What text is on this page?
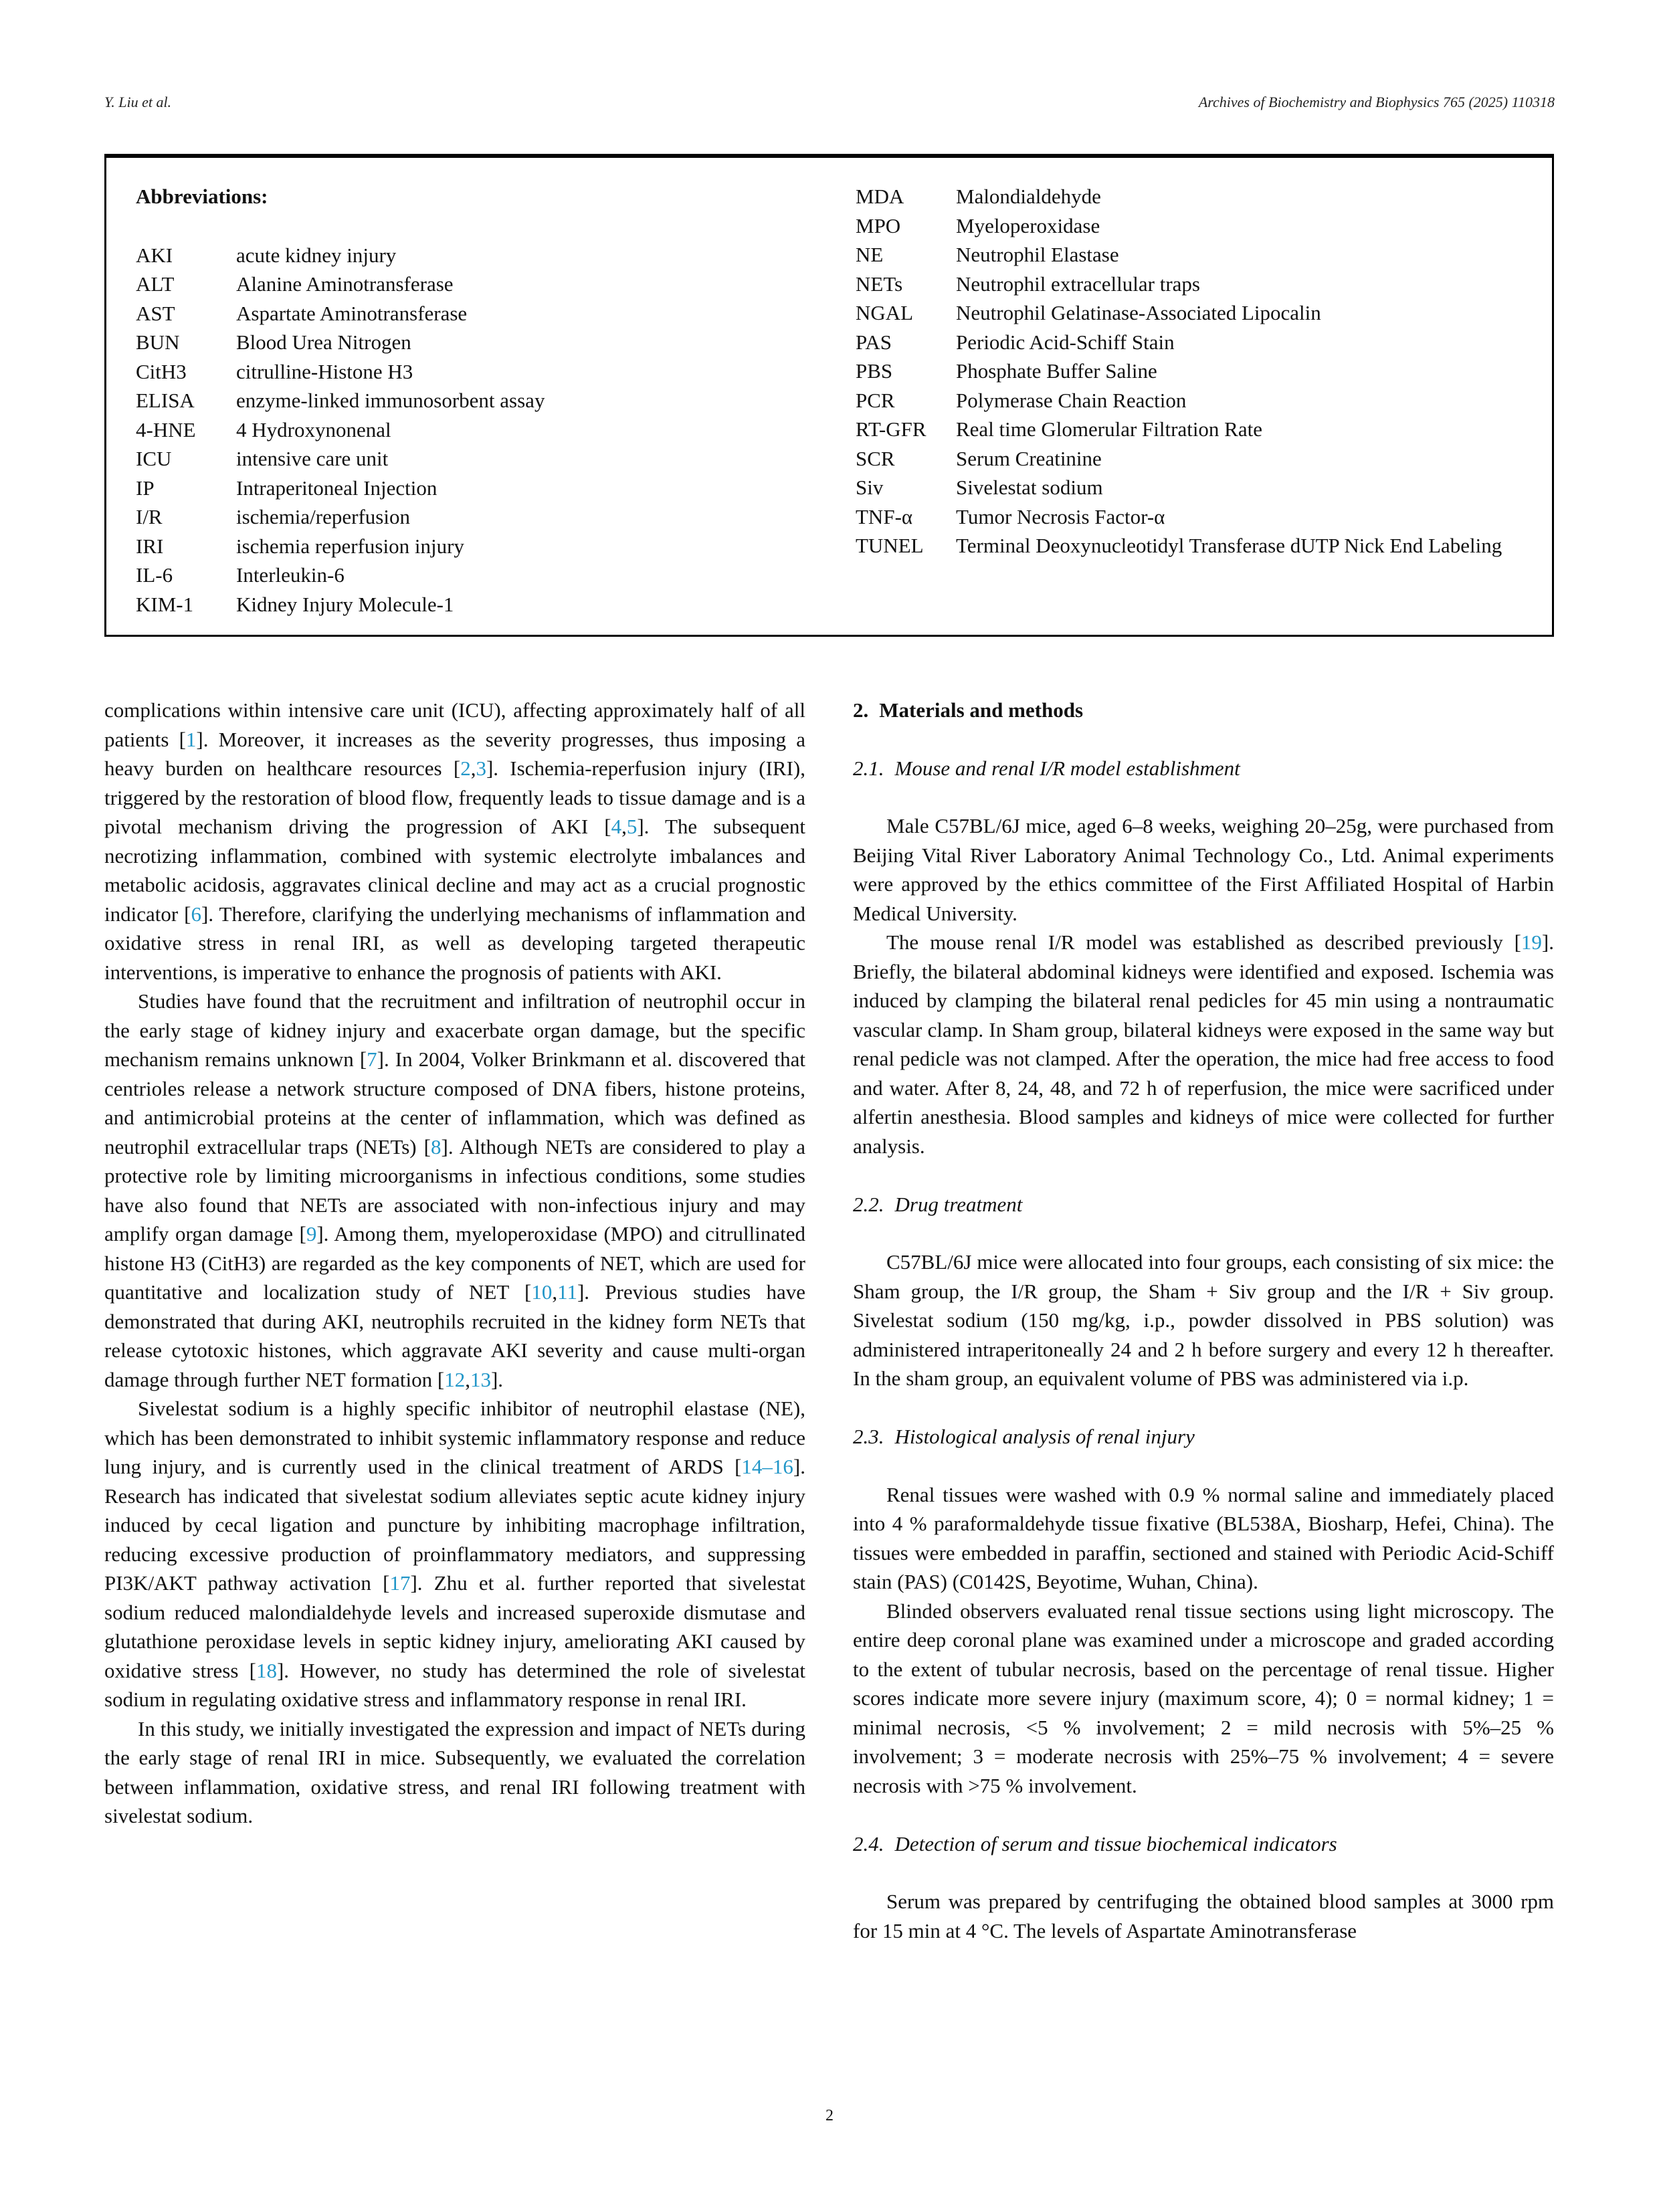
Y. Liu et al.	Archives of Biochemistry and Biophysics 765 (2025) 110318
Abbreviations:
AKI	acute kidney injury
ALT	Alanine Aminotransferase
AST	Aspartate Aminotransferase
BUN	Blood Urea Nitrogen
CitH3	citrulline-Histone H3
ELISA	enzyme-linked immunosorbent assay
4-HNE	4 Hydroxynonenal
ICU	intensive care unit
IP	Intraperitoneal Injection
I/R	ischemia/reperfusion
IRI	ischemia reperfusion injury
IL-6	Interleukin-6
KIM-1	Kidney Injury Molecule-1
MDA	Malondialdehyde
MPO	Myeloperoxidase
NE	Neutrophil Elastase
NETs	Neutrophil extracellular traps
NGAL	Neutrophil Gelatinase-Associated Lipocalin
PAS	Periodic Acid-Schiff Stain
PBS	Phosphate Buffer Saline
PCR	Polymerase Chain Reaction
RT-GFR	Real time Glomerular Filtration Rate
SCR	Serum Creatinine
Siv	Sivelestat sodium
TNF-α	Tumor Necrosis Factor-α
TUNEL	Terminal Deoxynucleotidyl Transferase dUTP Nick End Labeling

complications within intensive care unit (ICU), affecting approximately half of all patients [1]. Moreover, it increases as the severity progresses, thus imposing a heavy burden on healthcare resources [2,3]. Ischemia-reperfusion injury (IRI), triggered by the restoration of blood flow, frequently leads to tissue damage and is a pivotal mechanism driving the progression of AKI [4,5]. The subsequent necrotizing inflammation, combined with systemic electrolyte imbalances and metabolic acidosis, aggravates clinical decline and may act as a crucial prognostic indicator [6]. Therefore, clarifying the underlying mechanisms of inflammation and oxidative stress in renal IRI, as well as developing targeted therapeutic interventions, is imperative to enhance the prognosis of patients with AKI.

Studies have found that the recruitment and infiltration of neutrophil occur in the early stage of kidney injury and exacerbate organ damage, but the specific mechanism remains unknown [7]. In 2004, Volker Brinkmann et al. discovered that centrioles release a network structure composed of DNA fibers, histone proteins, and antimicrobial proteins at the center of inflammation, which was defined as neutrophil extracellular traps (NETs) [8]. Although NETs are considered to play a protective role by limiting microorganisms in infectious conditions, some studies have also found that NETs are associated with non-infectious injury and may amplify organ damage [9]. Among them, myeloperoxidase (MPO) and citrullinated histone H3 (CitH3) are regarded as the key components of NET, which are used for quantitative and localization study of NET [10,11]. Previous studies have demonstrated that during AKI, neutrophils recruited in the kidney form NETs that release cytotoxic histones, which aggravate AKI severity and cause multi-organ damage through further NET formation [12,13].

Sivelestat sodium is a highly specific inhibitor of neutrophil elastase (NE), which has been demonstrated to inhibit systemic inflammatory response and reduce lung injury, and is currently used in the clinical treatment of ARDS [14–16]. Research has indicated that sivelestat sodium alleviates septic acute kidney injury induced by cecal ligation and puncture by inhibiting macrophage infiltration, reducing excessive production of proinflammatory mediators, and suppressing PI3K/AKT pathway activation [17]. Zhu et al. further reported that sivelestat sodium reduced malondialdehyde levels and increased superoxide dismutase and glutathione peroxidase levels in septic kidney injury, ameliorating AKI caused by oxidative stress [18]. However, no study has determined the role of sivelestat sodium in regulating oxidative stress and inflammatory response in renal IRI.

In this study, we initially investigated the expression and impact of NETs during the early stage of renal IRI in mice. Subsequently, we evaluated the correlation between inflammation, oxidative stress, and renal IRI following treatment with sivelestat sodium.

2. Materials and methods
2.1. Mouse and renal I/R model establishment

Male C57BL/6J mice, aged 6–8 weeks, weighing 20–25g, were purchased from Beijing Vital River Laboratory Animal Technology Co., Ltd. Animal experiments were approved by the ethics committee of the First Affiliated Hospital of Harbin Medical University.

The mouse renal I/R model was established as described previously [19]. Briefly, the bilateral abdominal kidneys were identified and exposed. Ischemia was induced by clamping the bilateral renal pedicles for 45 min using a nontraumatic vascular clamp. In Sham group, bilateral kidneys were exposed in the same way but renal pedicle was not clamped. After the operation, the mice had free access to food and water. After 8, 24, 48, and 72 h of reperfusion, the mice were sacrificed under alfertin anesthesia. Blood samples and kidneys of mice were collected for further analysis.

2.2. Drug treatment

C57BL/6J mice were allocated into four groups, each consisting of six mice: the Sham group, the I/R group, the Sham + Siv group and the I/R + Siv group. Sivelestat sodium (150 mg/kg, i.p., powder dissolved in PBS solution) was administered intraperitoneally 24 and 2 h before surgery and every 12 h thereafter. In the sham group, an equivalent volume of PBS was administered via i.p.

2.3. Histological analysis of renal injury

Renal tissues were washed with 0.9 % normal saline and immediately placed into 4 % paraformaldehyde tissue fixative (BL538A, Biosharp, Hefei, China). The tissues were embedded in paraffin, sectioned and stained with Periodic Acid-Schiff stain (PAS) (C0142S, Beyotime, Wuhan, China).

Blinded observers evaluated renal tissue sections using light microscopy. The entire deep coronal plane was examined under a microscope and graded according to the extent of tubular necrosis, based on the percentage of renal tissue. Higher scores indicate more severe injury (maximum score, 4); 0 = normal kidney; 1 = minimal necrosis, <5 % involvement; 2 = mild necrosis with 5%–25 % involvement; 3 = moderate necrosis with 25%–75 % involvement; 4 = severe necrosis with >75 % involvement.

2.4. Detection of serum and tissue biochemical indicators

Serum was prepared by centrifuging the obtained blood samples at 3000 rpm for 15 min at 4 °C. The levels of Aspartate Aminotransferase

2
